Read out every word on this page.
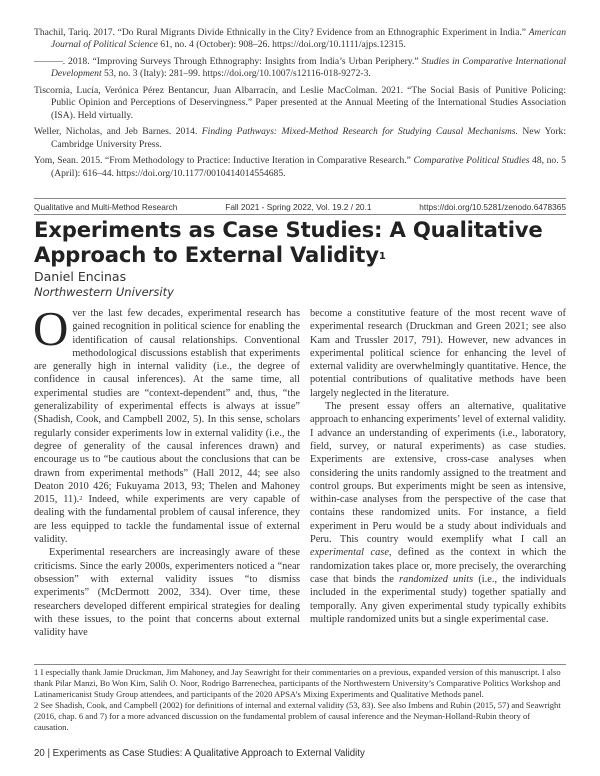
Thachil, Tariq. 2017. “Do Rural Migrants Divide Ethnically in the City? Evidence from an Ethnographic Experiment in India.” American Journal of Political Science 61, no. 4 (October): 908–26. https://doi.org/10.1111/ajps.12315.
———. 2018. “Improving Surveys Through Ethnography: Insights from India’s Urban Periphery.” Studies in Comparative International Development 53, no. 3 (Italy): 281–99. https://doi.org/10.1007/s12116-018-9272-3.
Tiscornia, Lucía, Verónica Pérez Bentancur, Juan Albarracín, and Leslie MacColman. 2021. “The Social Basis of Punitive Policing: Public Opinion and Perceptions of Deservingness.” Paper presented at the Annual Meeting of the International Studies Association (ISA). Held virtually.
Weller, Nicholas, and Jeb Barnes. 2014. Finding Pathways: Mixed-Method Research for Studying Causal Mechanisms. New York: Cambridge University Press.
Yom, Sean. 2015. “From Methodology to Practice: Inductive Iteration in Comparative Research.” Comparative Political Studies 48, no. 5 (April): 616–44. https://doi.org/10.1177/0010414014554685.
Qualitative and Multi-Method Research	Fall 2021 - Spring 2022, Vol. 19.2 / 20.1	https://doi.org/10.5281/zenodo.6478365
Experiments as Case Studies: A Qualitative Approach to External Validity$^1$
Daniel Encinas
Northwestern University

Over the last few decades, experimental research has gained recognition in political science for enabling the identification of causal relationships. Conventional methodological discussions establish that experiments are generally high in internal validity (i.e., the degree of confidence in causal inferences). At the same time, all experimental studies are “context-dependent” and, thus, “the generalizability of experimental effects is always at issue” (Shadish, Cook, and Campbell 2002, 5). In this sense, scholars regularly consider experiments low in external validity (i.e., the degree of generality of the causal inferences drawn) and encourage us to “be cautious about the conclusions that can be drawn from experimental methods” (Hall 2012, 44; see also Deaton 2010 426; Fukuyama 2013, 93; Thelen and Mahoney 2015, 11).$^2$ Indeed, while experiments are very capable of dealing with the fundamental problem of causal inference, they are less equipped to tackle the fundamental issue of external validity.

Experimental researchers are increasingly aware of these criticisms. Since the early 2000s, experimenters noticed a “near obsession” with external validity issues “to dismiss experiments” (McDermott 2002, 334). Over time, these researchers developed different empirical strategies for dealing with these issues, to the point that concerns about external validity have

become a constitutive feature of the most recent wave of experimental research (Druckman and Green 2021; see also Kam and Trussler 2017, 791). However, new advances in experimental political science for enhancing the level of external validity are overwhelmingly quantitative. Hence, the potential contributions of qualitative methods have been largely neglected in the literature.

The present essay offers an alternative, qualitative approach to enhancing experiments’ level of external validity. I advance an understanding of experiments (i.e., laboratory, field, survey, or natural experiments) as case studies. Experiments are extensive, cross-case analyses when considering the units randomly assigned to the treatment and control groups. But experiments might be seen as intensive, within-case analyses from the perspective of the case that contains these randomized units. For instance, a field experiment in Peru would be a study about individuals and Peru. This country would exemplify what I call an experimental case, defined as the context in which the randomization takes place or, more precisely, the overarching case that binds the randomized units (i.e., the individuals included in the experimental study) together spatially and temporally. Any given experimental study typically exhibits multiple randomized units but a single experimental case.

1 I especially thank Jamie Druckman, Jim Mahoney, and Jay Seawright for their commentaries on a previous, expanded version of this manuscript. I also thank Pilar Manzi, Bo Won Kim, Salih O. Noor, Rodrigo Barrenechea, participants of the Northwestern University’s Comparative Politics Workshop and Latinamericanist Study Group attendees, and participants of the 2020 APSA’s Mixing Experiments and Qualitative Methods panel.

2 See Shadish, Cook, and Campbell (2002) for definitions of internal and external validity (53, 83). See also Imbens and Rubin (2015, 57) and Seawright (2016, chap. 6 and 7) for a more advanced discussion on the fundamental problem of causal inference and the Neyman-Holland-Rubin theory of causation.

20 | Experiments as Case Studies: A Qualitative Approach to External Validity
